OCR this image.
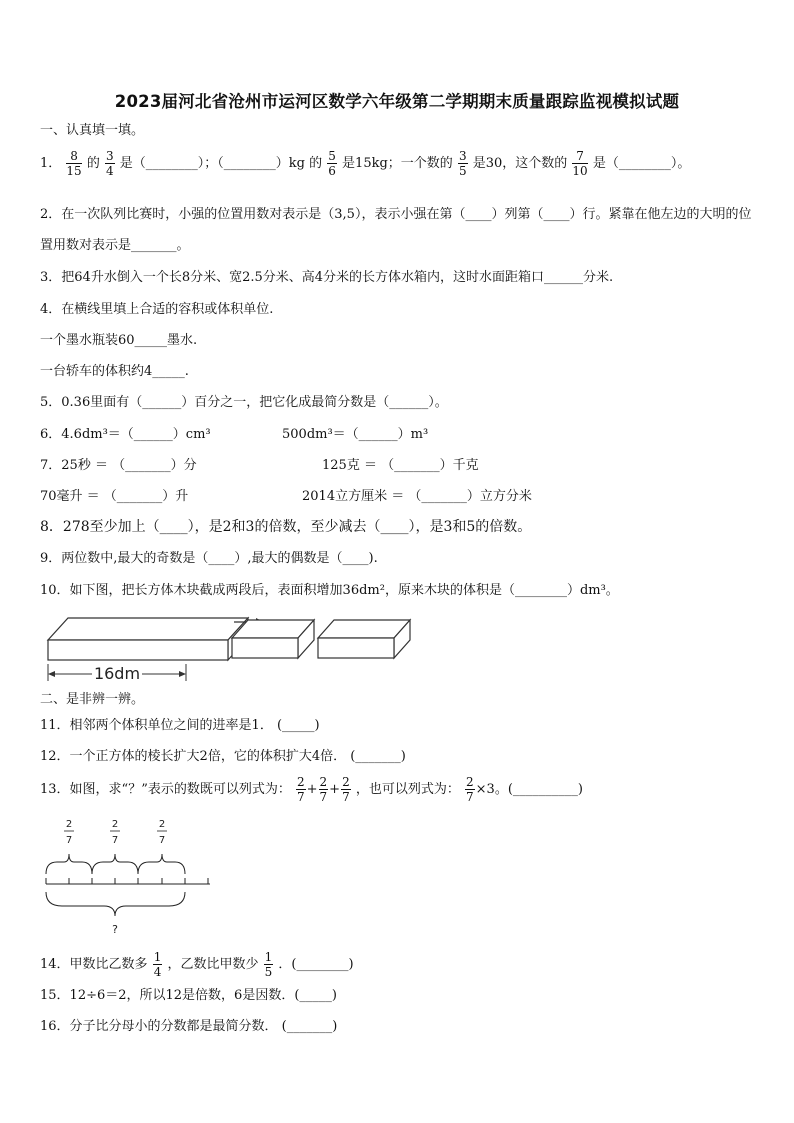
2023届河北省沧州市运河区数学六年级第二学期期末质量跟踪监视模拟试题
一、认真填一填。
1． $\frac{8}{15}$ 的 $\frac{3}{4}$ 是（________）；（________）kg 的 $\frac{5}{6}$ 是15kg；一个数的 $\frac{3}{5}$ 是30，这个数的 $\frac{7}{10}$ 是（________）。
2．在一次队列比赛时，小强的位置用数对表示是（3,5），表示小强在第（____）列第（____）行。紧靠在他左边的大明的位置用数对表示是_______。
3．把64升水倒入一个长8分米、宽2.5分米、高4分米的长方体水箱内，这时水面距箱口______分米.
4．在横线里填上合适的容积或体积单位.
一个墨水瓶装60_____墨水.
一台轿车的体积约4_____.
5．0.36里面有（______）百分之一，把它化成最简分数是（______）。
6．4.6dm³＝（______）cm³	500dm³＝（______）m³
7．25秒 ＝ （_______）分	125克 ＝ （_______）千克
70毫升 ＝ （_______）升	2014立方厘米 ＝ （_______）立方分米
8．278至少加上（____），是2和3的倍数，至少减去（____），是3和5的倍数。
9．两位数中,最大的奇数是（____）,最大的偶数是（____).
10．如下图，把长方体木块截成两段后，表面积增加36dm²，原来木块的体积是（________）dm³。
16dm
二、是非辨一辨。
11．相邻两个体积单位之间的进率是1． (_____)
12．一个正方体的棱长扩大2倍，它的体积扩大4倍． (_______)
13．如图，求“？”表示的数既可以列式为： $\frac{2}{7} + \frac{2}{7} + \frac{2}{7}$ ，也可以列式为： $\frac{2}{7} \times 3$。(__________)
2
7
2
7
2
7
?
14．甲数比乙数多 $\frac{1}{4}$ ，乙数比甲数少 $\frac{1}{5}$ ．(________)
15．12÷6＝2，所以12是倍数，6是因数．(_____)
16．分子比分母小的分数都是最简分数． (_______)
